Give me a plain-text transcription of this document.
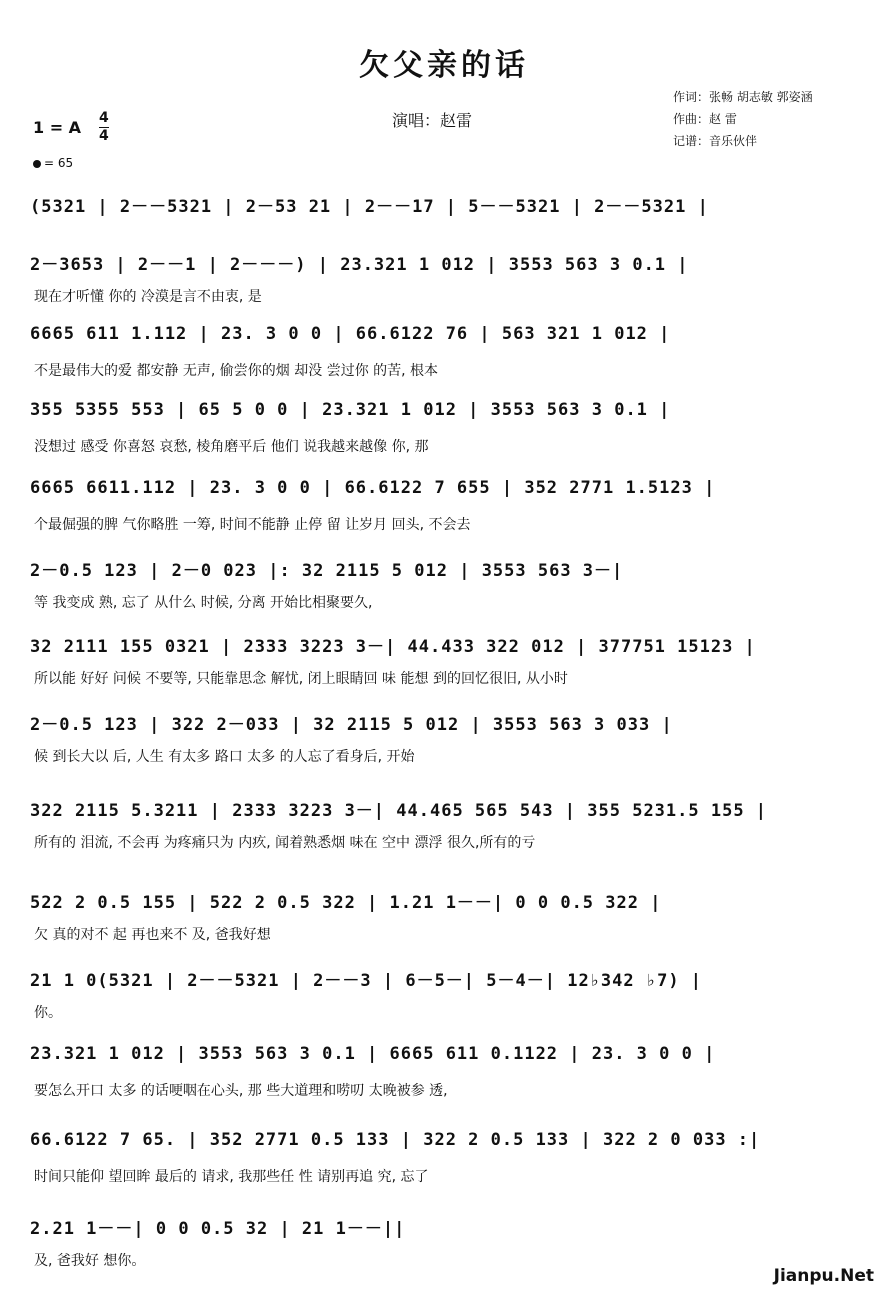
欠父亲的话
演唱：赵雷
作词：张畅 胡志敏 郭姿涵
作曲：赵 雷
记谱：音乐伙伴
1 = A 4
4
= 65
(5321 | 2－－5321 | 2－53 21 | 2－－17 | 5－－5321 | 2－－5321 |
2－3653 | 2－－1 | 2－－－) | 23.321 1 012 | 3553 563 3 0.1 |
现在才听懂 你的 冷漠是言不由衷, 是
6665 611 1.112 | 23. 3 0 0 | 66.6122 76 | 563 321 1 012 |
不是最伟大的爱 都安静 无声, 偷尝你的烟 却没 尝过你 的苦, 根本
355 5355 553 | 65 5 0 0 | 23.321 1 012 | 3553 563 3 0.1 |
没想过 感受 你喜怒 哀愁, 棱角磨平后 他们 说我越来越像 你, 那
6665 6611.112 | 23. 3 0 0 | 66.6122 7 655 | 352 2771 1.5123 |
个最倔强的脾 气你略胜 一筹, 时间不能静 止停 留 让岁月 回头, 不会去
2－0.5 123 | 2－0 023 |: 32 2115 5 012 | 3553 563 3－|
等 我变成 熟, 忘了 从什么 时候, 分离 开始比相聚要久,
32 2111 155 0321 | 2333 3223 3－| 44.433 322 012 | 377751 15123 |
所以能 好好 问候 不要等, 只能靠思念 解忧, 闭上眼睛回 味 能想 到的回忆很旧, 从小时
2－0.5 123 | 322 2－033 | 32 2115 5 012 | 3553 563 3 033 |
候 到长大以 后, 人生 有太多 路口 太多 的人忘了看身后, 开始
322 2115 5.3211 | 2333 3223 3－| 44.465 565 543 | 355 5231.5 155 |
所有的 泪流, 不会再 为疼痛只为 内疚, 闻着熟悉烟 味在 空中 漂浮 很久,所有的亏
522 2 0.5 155 | 522 2 0.5 322 | 1.21 1－－| 0 0 0.5 322 |
欠 真的对不 起 再也来不 及, 爸我好想
21 1 0(5321 | 2－－5321 | 2－－3 | 6－5－| 5－4－| 12♭342 ♭7) |
你。
23.321 1 012 | 3553 563 3 0.1 | 6665 611 0.1122 | 23. 3 0 0 |
要怎么开口 太多 的话哽咽在心头, 那 些大道理和唠叨 太晚被参 透,
66.6122 7 65. | 352 2771 0.5 133 | 322 2 0.5 133 | 322 2 0 033 :|
时间只能仰 望回眸 最后的 请求, 我那些任 性 请别再追 究, 忘了
2.21 1－－| 0 0 0.5 32 | 21 1－－||
及, 爸我好 想你。
Jianpu.Net
